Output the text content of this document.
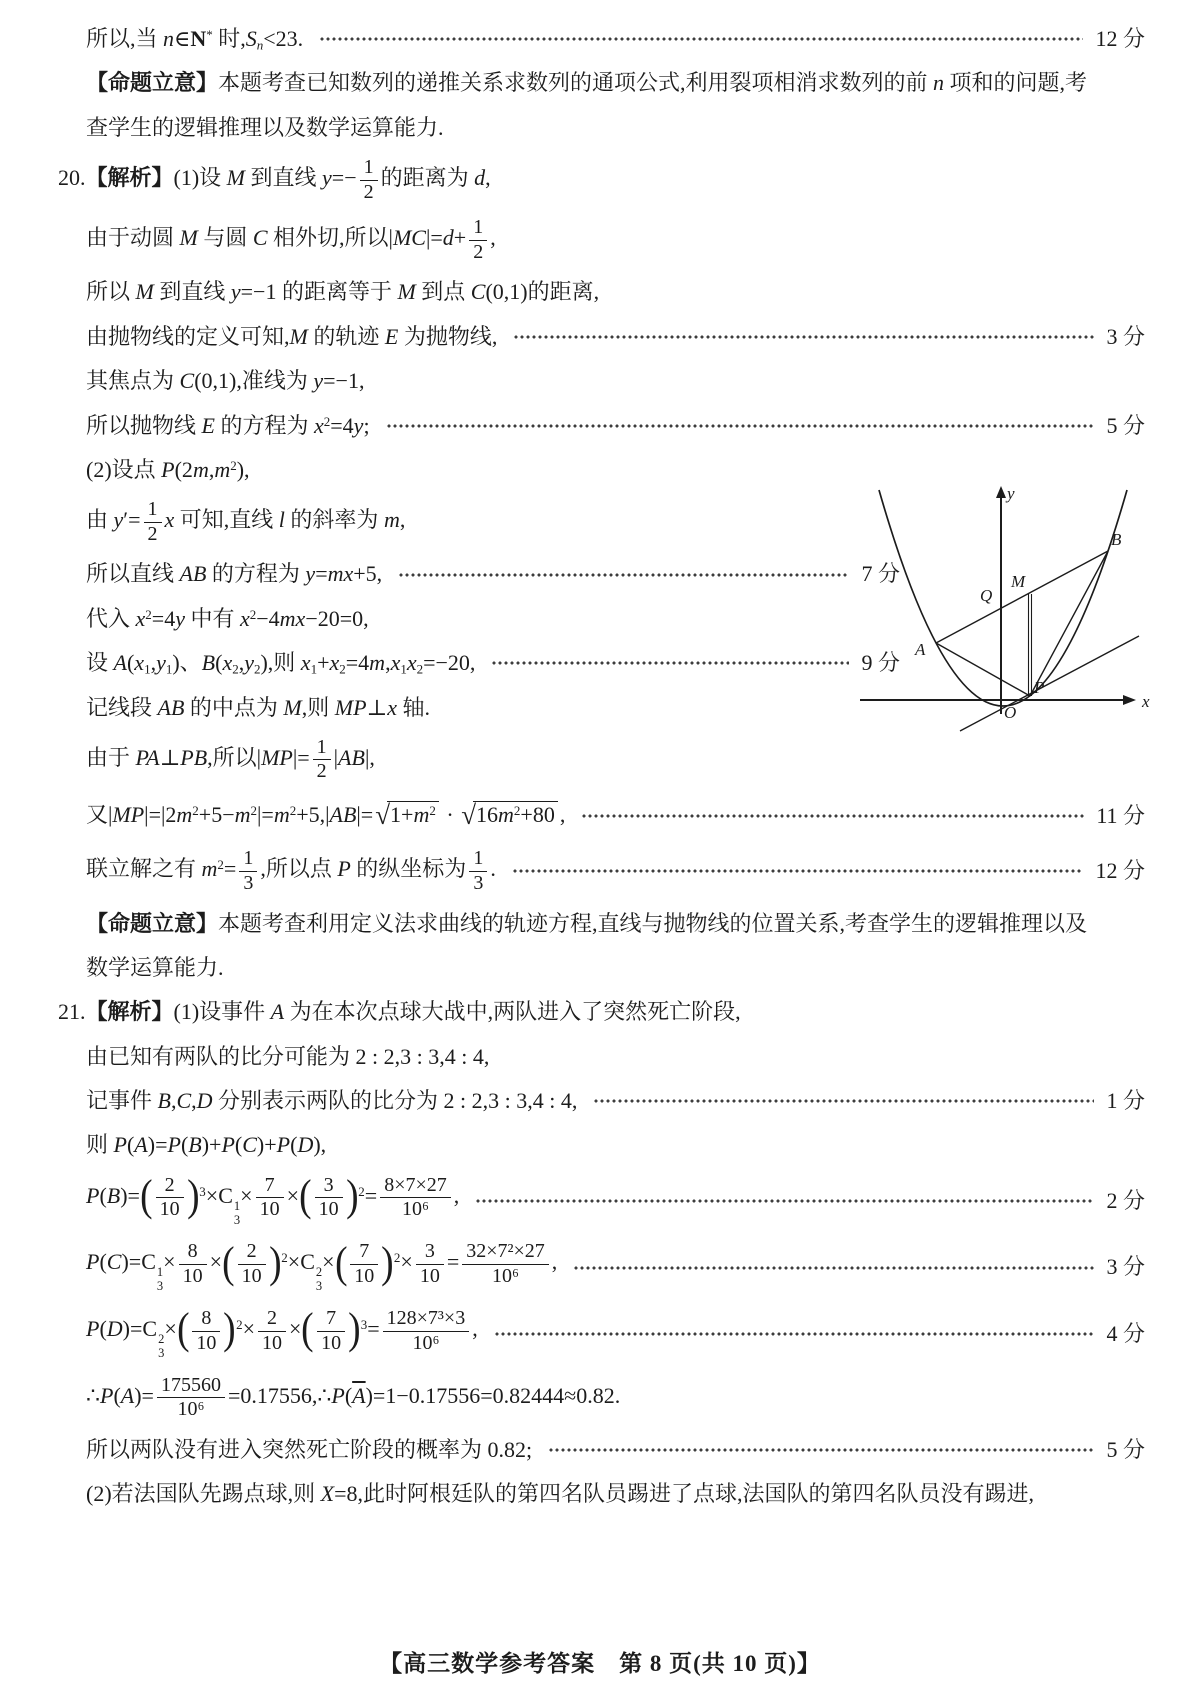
所以,当 n∈N* 时$,S_n<23$.	12 分
【命题立意】本题考查已知数列的递推关系求数列的通项公式,利用裂项相消求数列的前 n 项和的问题,考
查学生的逻辑推理以及数学运算能力.
20.【解析】(1)设 M 到直线 $y=- \frac{1}{2}$ 的距离为 d,
由于动圆 M 与圆 C 相外切,所以$|MC|=d+ \frac{1}{2}$ ,
所以 M 到直线 y=−1 的距离等于 M 到点 C(0,1)的距离,
由抛物线的定义可知,M 的轨迹 E 为抛物线,	3 分
其焦点为 C(0,1),准线为 y=−1,
所以抛物线 E 的方程为 $x^2=4y$;	5 分
(2)设点 $P(2m,m^2)$,
由 $y'= \frac{1}{2}$ x 可知,直线 l 的斜率为 m,
所以直线 AB 的方程为 y=mx+5,	7 分
代入 $x^2=4y$ 中有 $x^2-4mx-20=0$,
设 $A(x_1,y_1)$、$B(x_2,y_2)$,则 $x_1+x_2=4m,x_1x_2=-20$,	9 分
记线段 AB 的中点为 M,则 MP⊥x 轴.
由于 PA⊥PB,所以$|MP|= \frac{1}{2} |AB|$,
又$|MP|=|2m^2+5-m^2|=m^2+5,|AB|=√1+m^2 \cdot √16m^2+80$ ,	11 分
联立解之有 $m^2= \frac{1}{3}$ ,所以点 P 的纵坐标为 $\frac{1}{3}$ .	12 分
【命题立意】本题考查利用定义法求曲线的轨迹方程,直线与抛物线的位置关系,考查学生的逻辑推理以及
数学运算能力.
21.【解析】(1)设事件 A 为在本次点球大战中,两队进入了突然死亡阶段,
由已知有两队的比分可能为 2 : 2,3 : 3,4 : 4,
记事件 B,C,D 分别表示两队的比分为 2 : 2,3 : 3,4 : 4,	1 分
则 P(A)=P(B)+P(C)+P(D),
$P(B)=( \frac{2}{10} )^3\times C$ 1
3
× $\frac{7}{10}$ ×( $\frac{3}{10} )^2= \frac{8\times 7\times 27}{\text{10⁶}}$ ,	2 分
P(C)=C 1
3
× $\frac{8}{10}$ ×( $\frac{2}{10} )^2\times C$ 2
3
×( $\frac{7}{10} )^2\times \frac{3}{10} = \frac{\text{32×7²×27}}{\text{10⁶}}$ ,	3 分
P(D)=C 2
3
×( $\frac{8}{10} )^2\times \frac{2}{10}$ ×( $\frac{7}{10} )^3= \frac{\text{128×7³×3}}{\text{10⁶}}$ ,	4 分
∴P(A)= $\frac{175560}{\text{10⁶}}$ $=0.17556,\therefore P(\overline{A})=1-0.17556=0.82444\approx 0.82$.
所以两队没有进入突然死亡阶段的概率为 0.82;	5 分
(2)若法国队先踢点球,则 X=8,此时阿根廷队的第四名队员踢进了点球,法国队的第四名队员没有踢进,
y
B
M
Q
A
O
P
x
【高三数学参考答案　第 8 页(共 10 页)】
